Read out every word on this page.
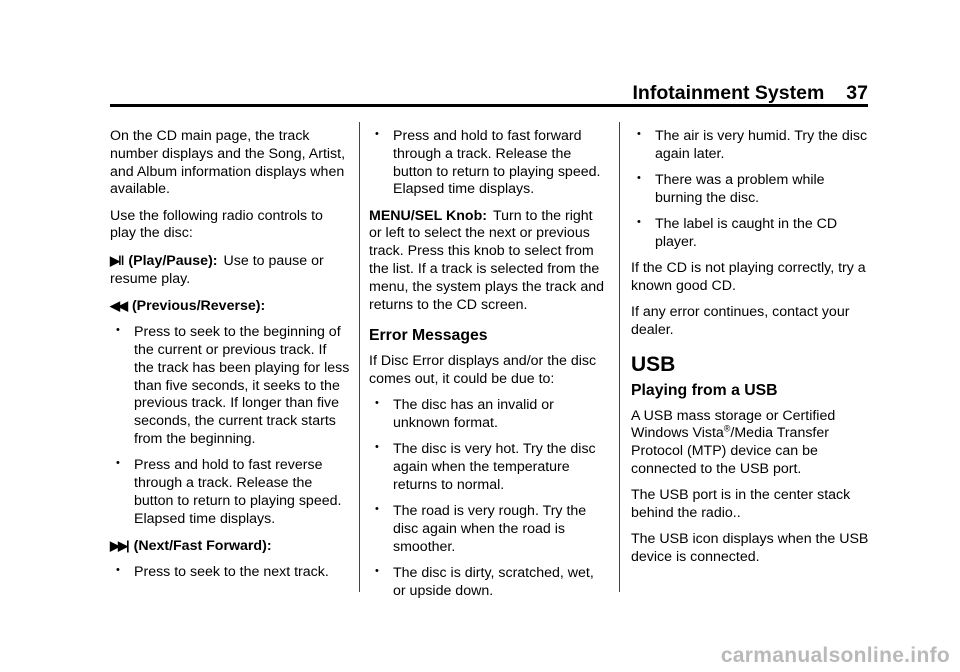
Infotainment System 37

On the CD main page, the track number displays and the Song, Artist, and Album information displays when available.

Use the following radio controls to play the disc:

▶‖ (Play/Pause): Use to pause or resume play.

◀◀ (Previous/Reverse):

• Press to seek to the beginning of the current or previous track. If the track has been playing for less than five seconds, it seeks to the previous track. If longer than five seconds, the current track starts from the beginning.
• Press and hold to fast reverse through a track. Release the button to return to playing speed. Elapsed time displays.

▶▶| (Next/Fast Forward):

• Press to seek to the next track.
• Press and hold to fast forward through a track. Release the button to return to playing speed. Elapsed time displays.

MENU/SEL Knob: Turn to the right or left to select the next or previous track. Press this knob to select from the list. If a track is selected from the menu, the system plays the track and returns to the CD screen.

Error Messages

If Disc Error displays and/or the disc comes out, it could be due to:

• The disc has an invalid or unknown format.
• The disc is very hot. Try the disc again when the temperature returns to normal.
• The road is very rough. Try the disc again when the road is smoother.
• The disc is dirty, scratched, wet, or upside down.
• The air is very humid. Try the disc again later.
• There was a problem while burning the disc.
• The label is caught in the CD player.

If the CD is not playing correctly, try a known good CD.

If any error continues, contact your dealer.

USB
Playing from a USB

A USB mass storage or Certified Windows Vista®/Media Transfer Protocol (MTP) device can be connected to the USB port.

The USB port is in the center stack behind the radio..

The USB icon displays when the USB device is connected.

carmanualsonline.info
